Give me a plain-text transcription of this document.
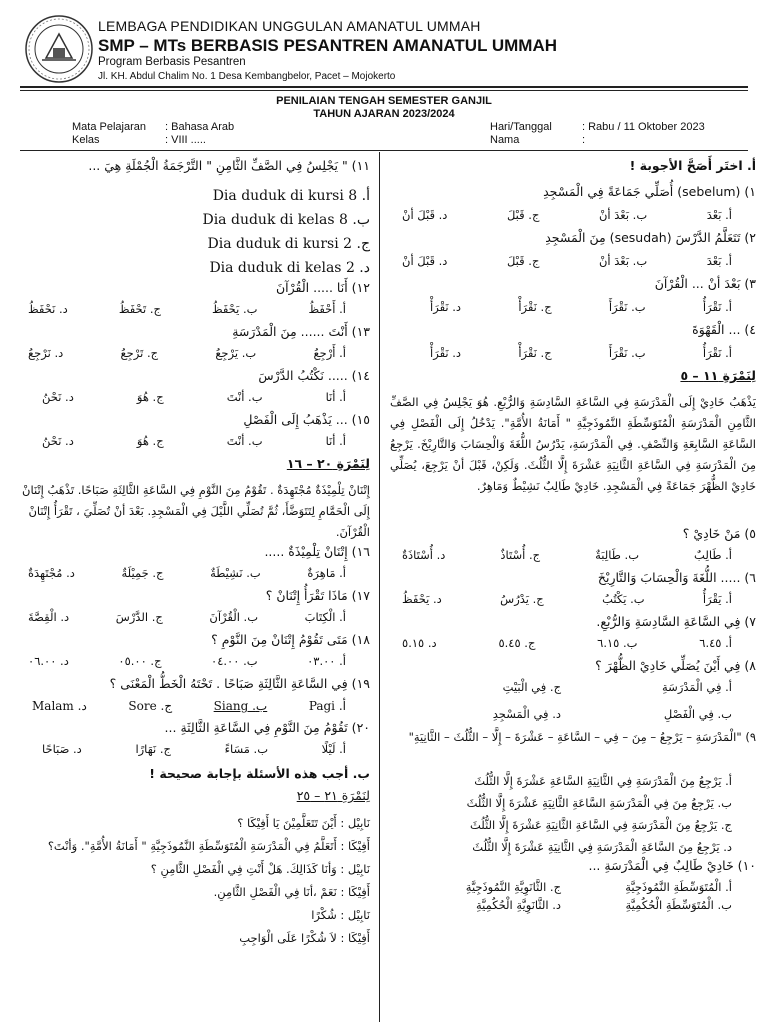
LEMBAGA PENDIDIKAN UNGGULAN AMANATUL UMMAH
SMP – MTs BERBASIS PESANTREN AMANATUL UMMAH
Program Berbasis Pesantren
Jl. KH. Abdul Chalim No. 1 Desa Kembangbelor, Pacet – Mojokerto
PENILAIAN TENGAH SEMESTER GANJIL
TAHUN AJARAN 2023/2024
Mata Pelajaran : Bahasa Arab
Kelas	: VIII .....
Hari/Tanggal	: Rabu / 11 Oktober 2023
Nama	:
أ. اختَر أَصَحَّ الأجوبة !
١) (sebelum) أُصَلِّي جَمَاعَةً فِي الْمَسْجِدِ
أ. بَعْدَ
ب. بَعْدَ أنْ
ج. قَبْلَ
د. قَبْلَ أنْ
٢) تَتَعَلَّمُ الدَّرْسَ (sesudah) مِنَ الْمَسْجِدِ
أ. بَعْدَ
ب. بَعْدَ أنْ
ج. قَبْلَ
د. قَبْلَ أنْ
٣) بَعْدَ أنْ ... الْقُرْآنَ
أ. نَقْرَأُ
ب. نَقْرَأَ
ج. نَقْرَأْ
د. نَقْرَأْ
٤) ... الْقَهْوَةَ
أ. نَقْرَأُ
ب. نَقْرَأَ
ج. نَقْرَأْ
د. نَقْرَأْ
لِنَمْرَةِ ١١ – ٥
يَذْهَبُ خَادِيْ إِلَى الْمَدْرَسَةِ فِي السَّاعَةِ السَّادِسَةِ وَالرُّبْعِ. هُوَ يَجْلِسُ فِي الصَّفِّ الثَّامِنِ الْمَدْرَسَةِ الْمُتَوَسِّطَةِ النَّمُوذَجِيَّةِ " أَمَانَةُ الأُمَّةِ". يَدْخُلُ إِلَى الْفَصْلِ فِي السَّاعَةِ السَّابِعَةِ وَالنِّصْفِ. فِي الْمَدْرَسَةِ، يَدْرُسُ اللُّغَةَ وَالْحِسَابَ وَالتَّارِيْخَ. يَرْجِعُ مِنَ الْمَدْرَسَةِ فِي السَّاعَةِ الثَّانِيَةِ عَشْرَةَ إِلَّا الثُّلُثَ. وَلَكِنْ، قَبْلَ أنْ يَرْجِعَ، يُصَلِّي خَادِيْ الظُّهْرَ جَمَاعَةً فِي الْمَسْجِدِ. خَادِيْ طَالِبٌ نَشِيْطٌ وَمَاهِرٌ.
٥) مَنْ خَادِيْ ؟
أ. طَالِبٌ
ب. طَالِبَةٌ
ج. أُسْتَاذٌ
د. أُسْتَاذَةٌ
٦) ..... اللُّغَةَ وَالْحِسَابَ وَالتَّارِيْخَ
أ. يَقْرَأُ
ب. يَكْتُبُ
ج. يَدْرُسُ
د. يَحْفَظُ
٧) فِي السَّاعَةِ السَّادِسَةِ وَالرُّبْعِ.
أ. ٦.٤٥
ب. ٦.١٥
ج. ٥.٤٥
د. ٥.١٥
٨) فِي أَيْنَ يُصَلِّي خَادِيْ الظُّهْرَ ؟
أ. فِي الْمَدْرَسَةِ
ج. فِي الْبَيْتِ
ب. فِي الْفَصْلِ
د. فِي الْمَسْجِدِ
٩) "الْمَدْرَسَةِ – يَرْجِعُ – مِنَ – فِي – السَّاعَةِ – عَشْرَةَ – إِلَّا – الثُّلُثَ – الثَّانِيَةِ"
أ. يَرْجِعُ مِنَ الْمَدْرَسَةِ فِي الثَّانِيَةِ السَّاعَةِ عَشْرَةَ إِلَّا الثُّلُثَ
ب. يَرْجِعُ مِنَ فِي الْمَدْرَسَةِ السَّاعَةِ الثَّانِيَةِ عَشْرَةَ إِلَّا الثُّلُثَ
ج. يَرْجِعُ مِنَ الْمَدْرَسَةِ فِي السَّاعَةِ الثَّانِيَةِ عَشْرَةَ إِلَّا الثُّلُثَ
د. يَرْجِعُ مِنَ السَّاعَةِ الْمَدْرَسَةِ فِي الثَّانِيَةِ عَشْرَةَ إِلَّا الثُّلُثَ
١٠) خَادِيْ طَالِبٌ فِي الْمَدْرَسَةِ ...
أ. الْمُتَوَسِّطَةِ النَّمُوذَجِيَّةِ
ج. الثَّانَوِيَّةِ النَّمُوذَجِيَّةِ
ب. الْمُتَوَسِّطَةِ الْحُكُمِيَّةِ
د. الثَّانَوِيَّةِ الْحُكُمِيَّةِ
١١) " يَجْلِسُ فِي الصَّفِّ الثَّامِنِ " التَّرْجَمَةُ الْجُمْلَةِ هِيَ ...
Dia duduk di kursi 8 .أ
Dia duduk di kelas 8 .ب
Dia duduk di kursi 2 .ج
Dia duduk di kelas 2 .د
١٢) أَنَا ..... الْقُرْآنَ
أ. أَحْفَظُ
ب. يَحْفَظُ
ج. تَحْفَظُ
د. نَحْفَظُ
١٣) أَنْتَ ...... مِنَ الْمَدْرَسَةِ
أ. أَرْجِعُ
ب. يَرْجِعُ
ج. تَرْجِعُ
د. نَرْجِعُ
١٤) ..... نَكْتُبُ الدَّرْسَ
أ. أنَا
ب. أنْتَ
ج. هُوَ
د. نَحْنُ
١٥) ... يَذْهَبُ إِلَى الْفَصْلِ
أ. أنَا
ب. أنْتَ
ج. هُوَ
د. نَحْنُ
لِنَمْرَةِ ٢٠ – ١٦
إِتْنَانْ تِلْمِيْذَةٌ مُجْتَهِدَةٌ . تَقُوْمُ مِنَ النَّوْمِ فِي السَّاعَةِ الثَّالِثَةِ صَبَاحًا. تَذْهَبُ إِتْنَانْ إِلَى الْحَمَّامِ لِتَتَوَضَّأَ، ثُمَّ تُصَلِّي اللَّيْلَ فِي الْمَسْجِدِ. بَعْدَ أنْ تُصَلِّيَ ، تَقْرَأُ إِتْنَانْ الْقُرْآنَ.
١٦) إِتْنَانْ تِلْمِيْذَةٌ .....
أ. مَاهِرَةٌ
ب. نَشِيْطَةٌ
ج. جَمِيْلَةٌ
د. مُجْتَهِدَةٌ
١٧) مَاذَا تَقْرَأُ إِتْنَانْ ؟
أ. الْكِتَابَ
ب. الْقُرْآنَ
ج. الدَّرْسَ
د. الْقِصَّةَ
١٨) مَتَى تَقُوْمُ إِتْنَانْ مِنَ النَّوْمِ ؟
أ. ٠٣.٠٠
ب. ٠٤.٠٠
ج. ٠٥.٠٠
د. ٠٦.٠٠
١٩) فِي السَّاعَةِ الثَّالِثَةِ صَبَاحًا . تَحْتَهُ الْخَطُّ الْمَعْنَى ؟
Pagi .أ
Siang .ب
Sore .ج
Malam .د
٢٠) تَقُوْمُ مِنَ النَّوْمِ فِي السَّاعَةِ الثَّالِثَةِ ...
أ. لَيْلًا
ب. مَسَاءً
ج. نَهَارًا
د. صَبَاحًا
ب. أجب هذه الأسئلة بإجابة صحيحة !
لِنَمْرَةِ ٢١ – ٢٥
نَابِيْل : أَيْنَ تَتَعَلَّمِيْنَ يَا أَفِيْكَا ؟
أَفِيْكَا : أَتَعَلَّمُ فِي الْمَدْرَسَةِ الْمُتَوَسِّطَةِ النَّمُوذَجِيَّةِ " أَمَانَةُ الأُمَّةِ". وَأنْتَ؟
نَابِيْل : وَأنَا كَذَالِكَ. هَلْ أَنْتِ فِي الْفَصْلِ الثَّامِنِ ؟
أَفِيْكَا : نَعَمْ ،أنَا فِي الْفَصْلِ الثَّامِنِ.
نَابِيْل : شُكْرًا
أَفِيْكَا : لاَ شُكْرًا عَلَى الْوَاجِبِ
